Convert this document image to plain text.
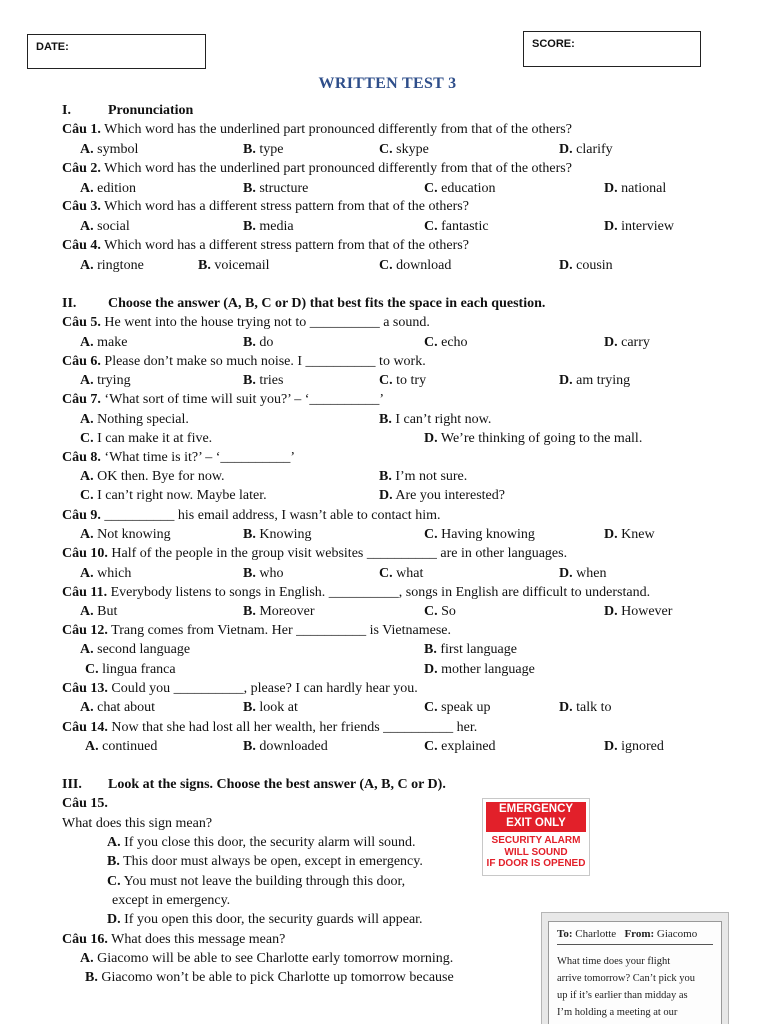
DATE:	SCORE:
WRITTEN TEST 3
I.	Pronunciation
Câu 1. Which word has the underlined part pronounced differently from that of the others?
A. symbol	B. type	C. skype	D. clarify
Câu 2. Which word has the underlined part pronounced differently from that of the others?
A. edition	B. structure	C. education	D. national
Câu 3. Which word has a different stress pattern from that of the others?
A. social	B. media	C. fantastic	D. interview
Câu 4. Which word has a different stress pattern from that of the others?
A. ringtone	B. voicemail	C. download	D. cousin
II. Choose the answer (A, B, C or D) that best fits the space in each question.
Câu 5. He went into the house trying not to __________ a sound.
A. make	B. do	C. echo	D. carry
Câu 6. Please don’t make so much noise. I __________ to work.
A. trying	B. tries	C. to try	D. am trying
Câu 7. ‘What sort of time will suit you?’ – ‘__________’
A. Nothing special.	B. I can’t right now.
C. I can make it at five.	D. We’re thinking of going to the mall.
Câu 8. ‘What time is it?’ – ‘__________’
A. OK then. Bye for now.	B. I’m not sure.
C. I can’t right now. Maybe later.	D. Are you interested?
Câu 9. __________ his email address, I wasn’t able to contact him.
A. Not knowing	B. Knowing	C. Having knowing	D. Knew
Câu 10. Half of the people in the group visit websites __________ are in other languages.
A. which	B. who	C. what	D. when
Câu 11. Everybody listens to songs in English. __________, songs in English are difficult to understand.
A. But	B. Moreover	C. So	D. However
Câu 12. Trang comes from Vietnam. Her __________ is Vietnamese.
A. second language	B. first language
C. lingua franca	D. mother language
Câu 13. Could you __________, please? I can hardly hear you.
A. chat about	B. look at	C. speak up	D. talk to
Câu 14. Now that she had lost all her wealth, her friends __________ her.
A. continued	B. downloaded	C. explained	D. ignored
III. Look at the signs. Choose the best answer (A, B, C or D).
Câu 15.
What does this sign mean?
A. If you close this door, the security alarm will sound.
B. This door must always be open, except in emergency.
C. You must not leave the building through this door,
except in emergency.
D. If you open this door, the security guards will appear.
EMERGENCY
EXIT ONLY
SECURITY ALARM
WILL SOUND
IF DOOR IS OPENED
Câu 16. What does this message mean?
A. Giacomo will be able to see Charlotte early tomorrow morning.
B. Giacomo won’t be able to pick Charlotte up tomorrow because
To: Charlotte From: Giacomo
What time does your flight
arrive tomorrow? Can’t pick you
up if it’s earlier than midday as
I’m holding a meeting at our
